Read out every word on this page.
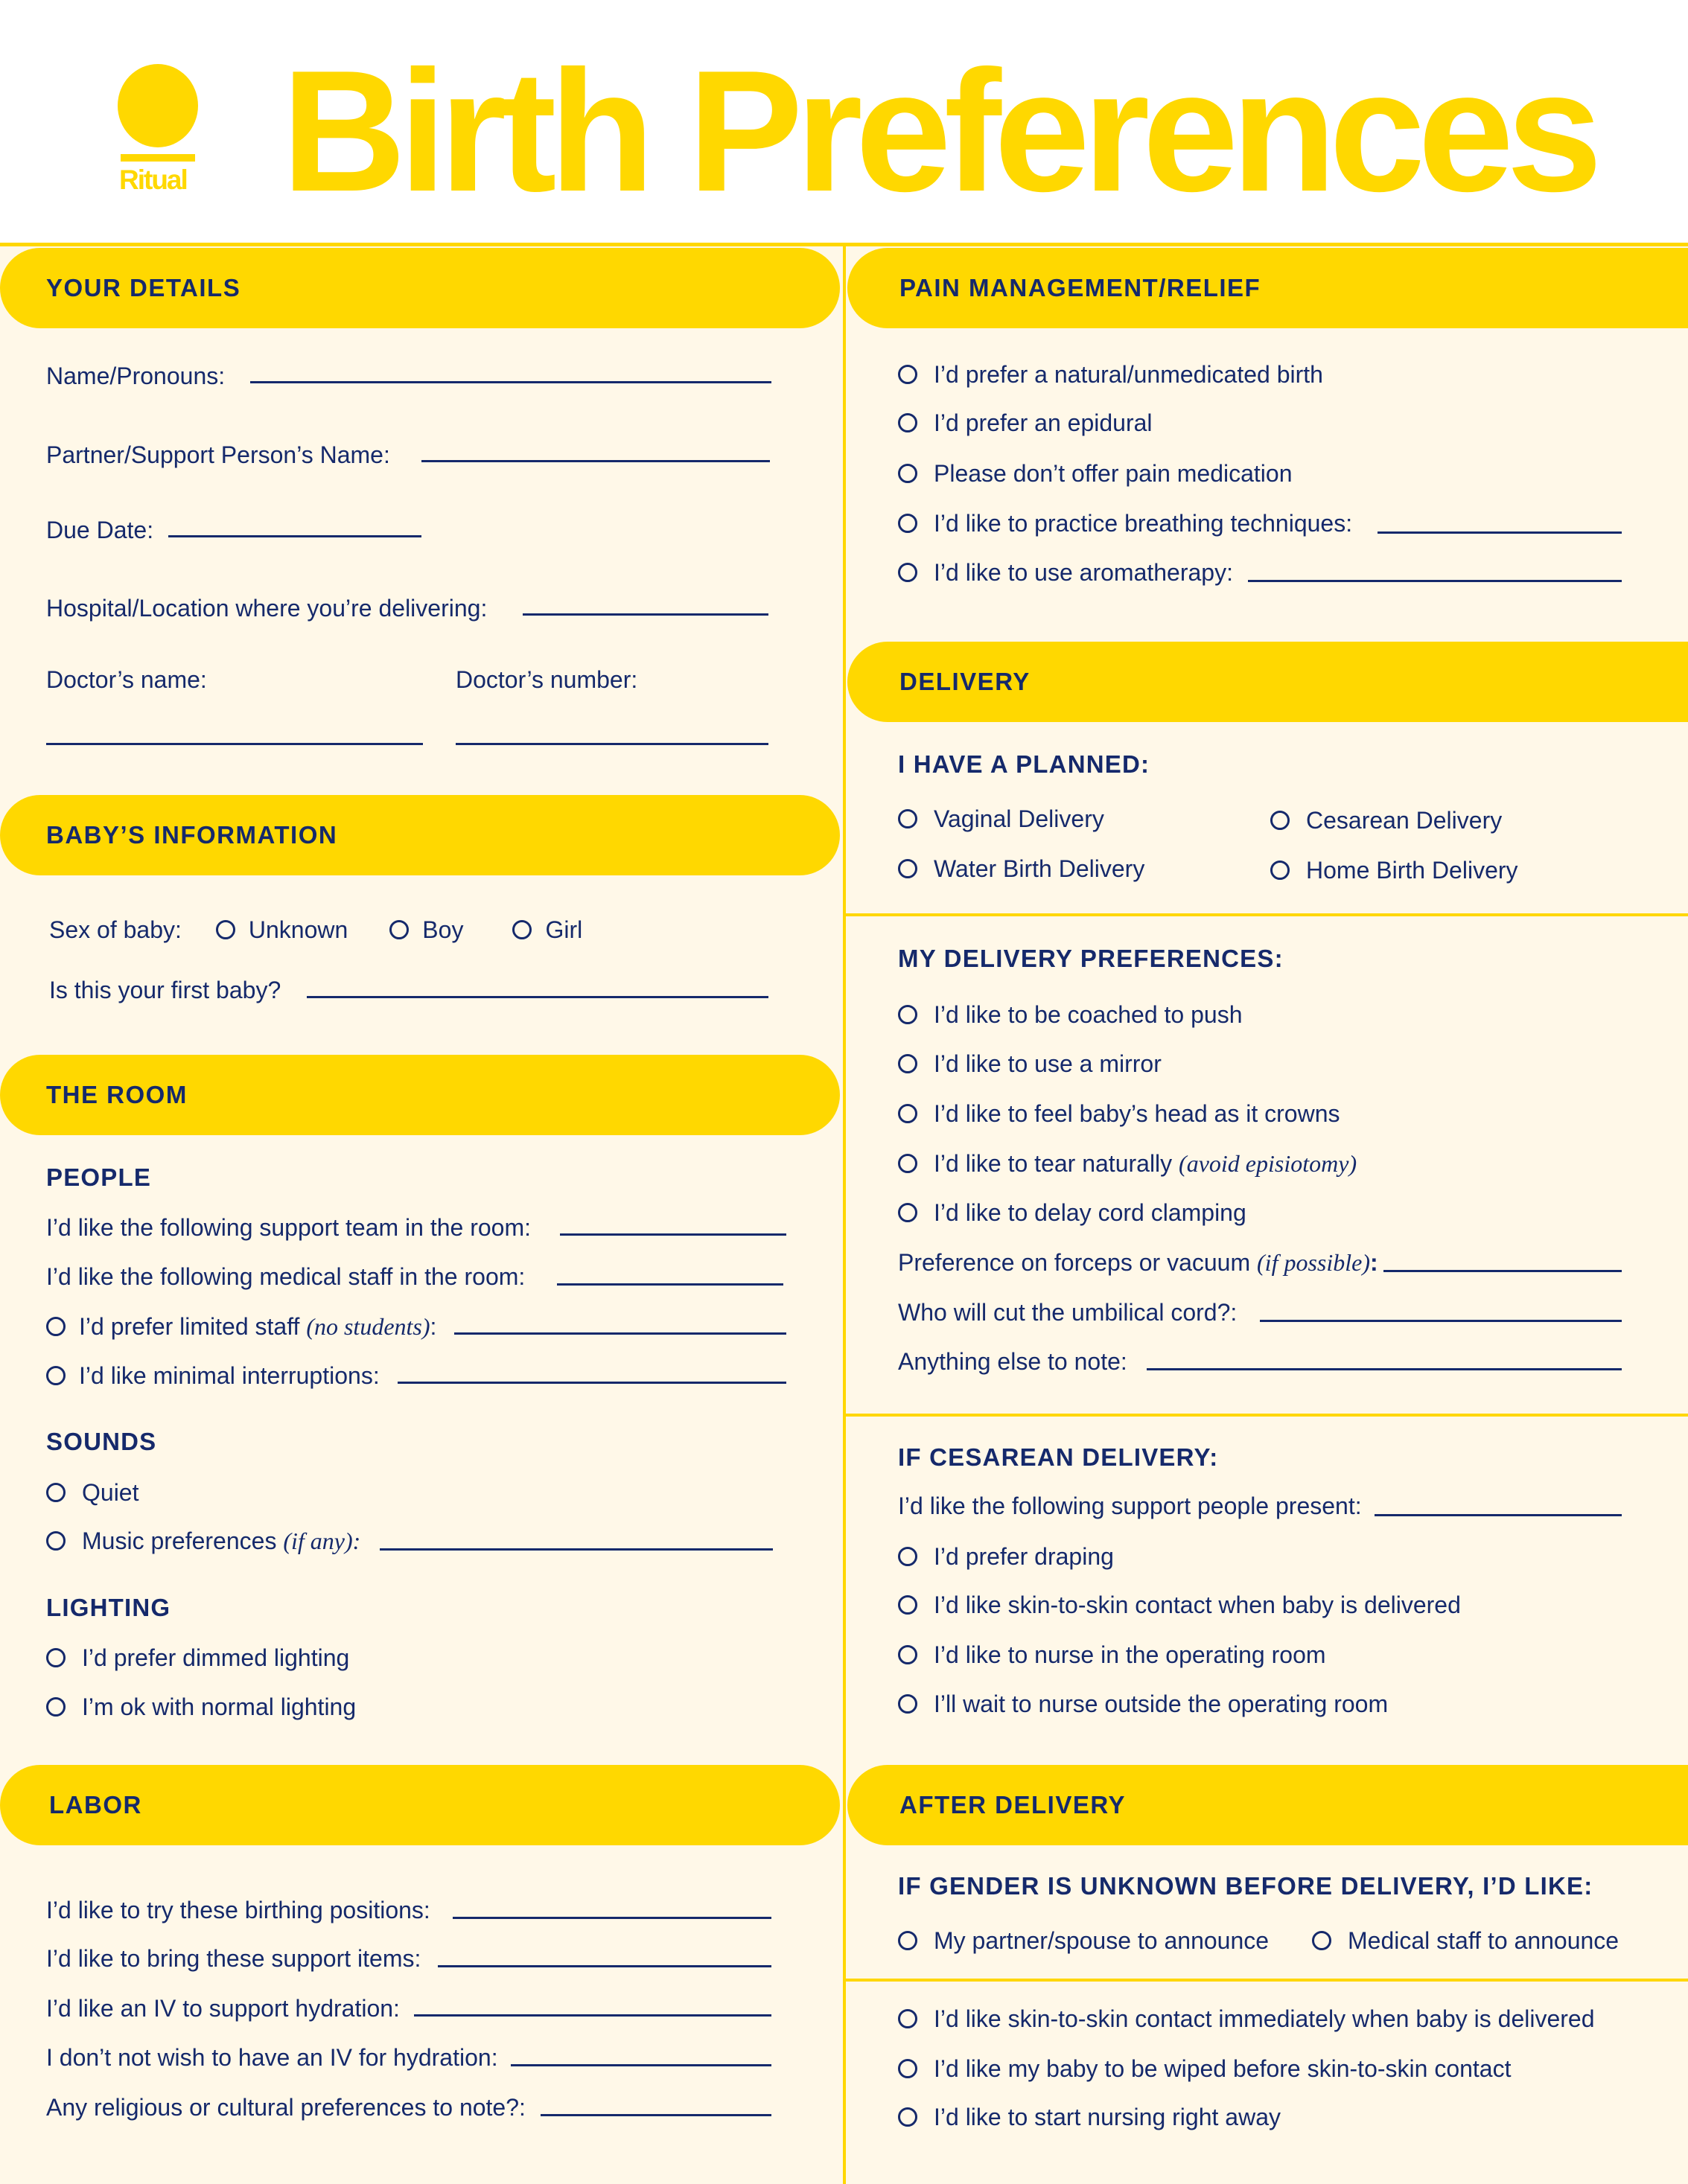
Ritual Birth Preferences
YOUR DETAILS
Name/Pronouns:
Partner/Support Person’s Name:
Due Date:
Hospital/Location where you’re delivering:
Doctor’s name:	Doctor’s number:
BABY’S INFORMATION
Sex of baby:	Unknown	Boy	Girl
Is this your first baby?
THE ROOM
PEOPLE
I’d like the following support team in the room:
I’d like the following medical staff in the room:
I’d prefer limited staff
(no students) :
I’d like minimal interruptions:
SOUNDS
Quiet
Music preferences
(if any):
LIGHTING
I’d prefer dimmed lighting
I’m ok with normal lighting
LABOR
I’d like to try these birthing positions:
I’d like to bring these support items:
I’d like an IV to support hydration:
I don’t not wish to have an IV for hydration:
Any religious or cultural preferences to note?:
PAIN MANAGEMENT/RELIEF
I’d prefer a natural/unmedicated birth
I’d prefer an epidural
Please don’t offer pain medication
I’d like to practice breathing techniques:
I’d like to use aromatherapy:
DELIVERY
I HAVE A PLANNED:
Vaginal Delivery	Cesarean Delivery
Water Birth Delivery	Home Birth Delivery
MY DELIVERY PREFERENCES:
I’d like to be coached to push
I’d like to use a mirror
I’d like to feel baby’s head as it crowns
I’d like to tear naturally
(avoid episiotomy)
I’d like to delay cord clamping
Preference on forceps or vacuum
(if possible) :
Who will cut the umbilical cord?:
Anything else to note:
IF CESAREAN DELIVERY:
I’d like the following support people present:
I’d prefer draping
I’d like skin-to-skin contact when baby is delivered
I’d like to nurse in the operating room
I’ll wait to nurse outside the operating room
AFTER DELIVERY
IF GENDER IS UNKNOWN BEFORE DELIVERY, I’D LIKE:
My partner/spouse to announce	Medical staff to announce
I’d like skin-to-skin contact immediately when baby is delivered
I’d like my baby to be wiped before skin-to-skin contact
I’d like to start nursing right away
